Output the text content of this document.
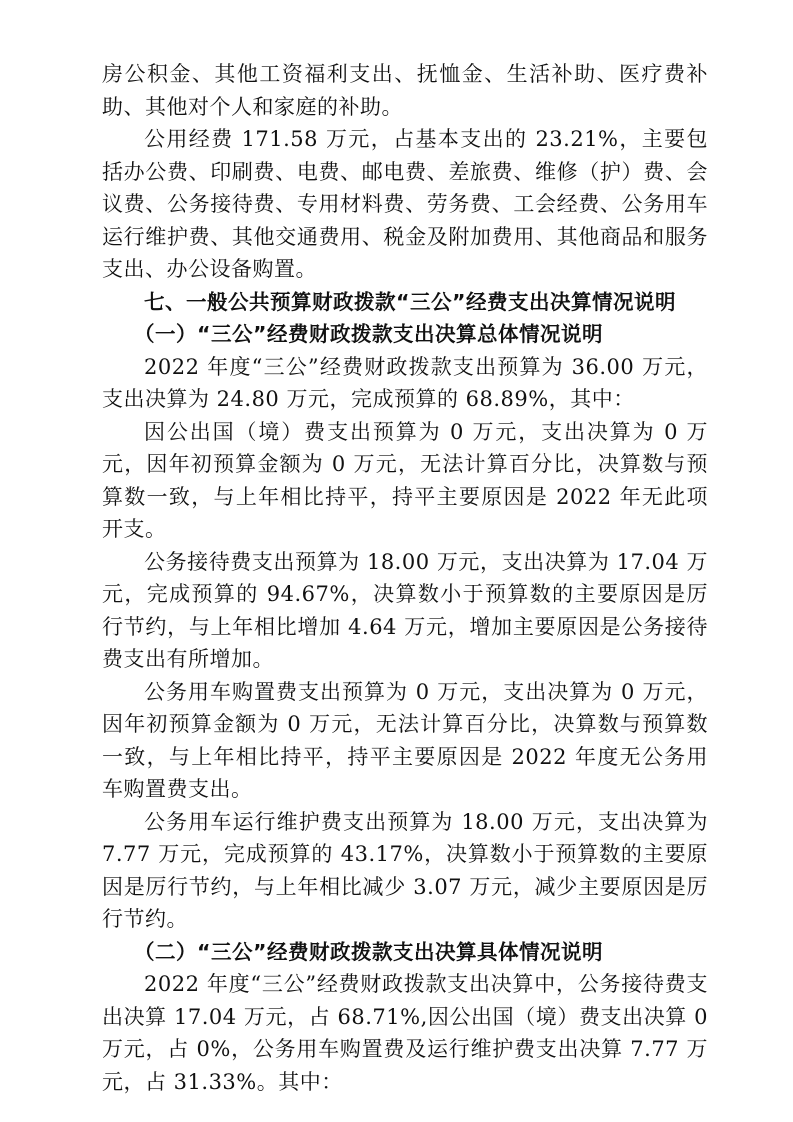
房公积金、其他工资福利支出、抚恤金、生活补助、医疗费补助、其他对个人和家庭的补助。

公用经费 171.58 万元，占基本支出的 23.21%，主要包括办公费、印刷费、电费、邮电费、差旅费、维修（护）费、会议费、公务接待费、专用材料费、劳务费、工会经费、公务用车运行维护费、其他交通费用、税金及附加费用、其他商品和服务支出、办公设备购置。

七、一般公共预算财政拨款“三公”经费支出决算情况说明

（一）“三公”经费财政拨款支出决算总体情况说明

2022 年度“三公”经费财政拨款支出预算为 36.00 万元，支出决算为 24.80 万元，完成预算的 68.89%，其中：

因公出国（境）费支出预算为 0 万元，支出决算为 0 万元，因年初预算金额为 0 万元，无法计算百分比，决算数与预算数一致，与上年相比持平，持平主要原因是 2022 年无此项开支。

公务接待费支出预算为 18.00 万元，支出决算为 17.04 万元，完成预算的 94.67%，决算数小于预算数的主要原因是厉行节约，与上年相比增加 4.64 万元，增加主要原因是公务接待费支出有所增加。

公务用车购置费支出预算为 0 万元，支出决算为 0 万元，因年初预算金额为 0 万元，无法计算百分比，决算数与预算数一致，与上年相比持平，持平主要原因是 2022 年度无公务用车购置费支出。

公务用车运行维护费支出预算为 18.00 万元，支出决算为 7.77 万元，完成预算的 43.17%，决算数小于预算数的主要原因是厉行节约，与上年相比减少 3.07 万元，减少主要原因是厉行节约。

（二）“三公”经费财政拨款支出决算具体情况说明

2022 年度“三公”经费财政拨款支出决算中，公务接待费支出决算 17.04 万元，占 68.71%,因公出国（境）费支出决算 0 万元，占 0%，公务用车购置费及运行维护费支出决算 7.77 万元，占 31.33%。其中：
